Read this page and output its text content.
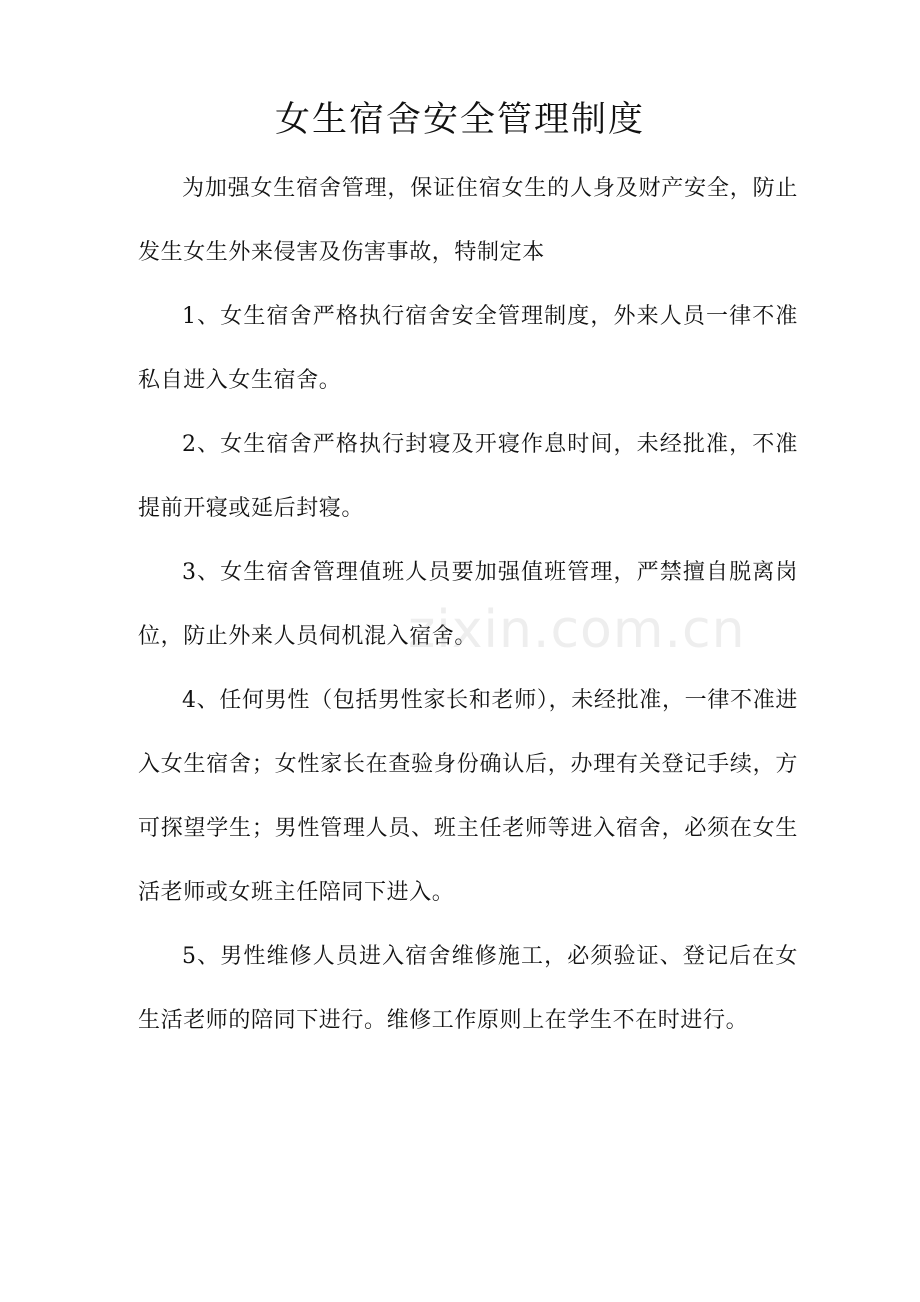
女生宿舍安全管理制度

为加强女生宿舍管理，保证住宿女生的人身及财产安全，防止发生女生外来侵害及伤害事故，特制定本

1、女生宿舍严格执行宿舍安全管理制度，外来人员一律不准私自进入女生宿舍。

2、女生宿舍严格执行封寝及开寝作息时间，未经批准，不准提前开寝或延后封寝。

3、女生宿舍管理值班人员要加强值班管理，严禁擅自脱离岗位，防止外来人员伺机混入宿舍。

4、任何男性（包括男性家长和老师），未经批准，一律不准进入女生宿舍；女性家长在查验身份确认后，办理有关登记手续，方可探望学生；男性管理人员、班主任老师等进入宿舍，必须在女生活老师或女班主任陪同下进入。

5、男性维修人员进入宿舍维修施工，必须验证、登记后在女生活老师的陪同下进行。维修工作原则上在学生不在时进行。

zixin.com.cn
